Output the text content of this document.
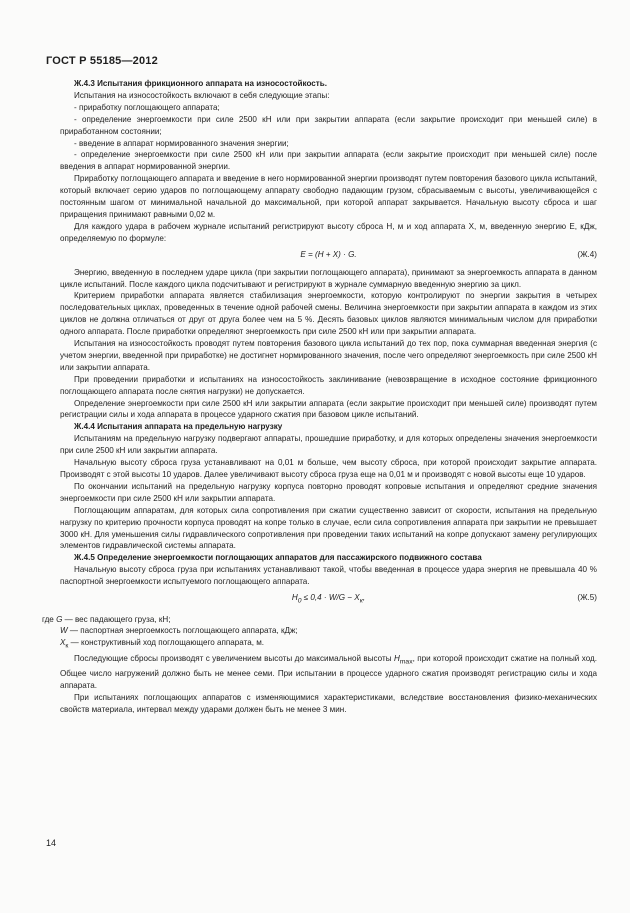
ГОСТ Р 55185—2012

Ж.4.3 Испытания фрикционного аппарата на износостойкость.

Испытания на износостойкость включают в себя следующие этапы:

- приработку поглощающего аппарата;

- определение энергоемкости при силе 2500 кН или при закрытии аппарата (если закрытие происходит при меньшей силе) в приработанном состоянии;

- введение в аппарат нормированного значения энергии;

- определение энергоемкости при силе 2500 кН или при закрытии аппарата (если закрытие происходит при меньшей силе) после введения в аппарат нормированной энергии.

Приработку поглощающего аппарата и введение в него нормированной энергии производят путем повторения базового цикла испытаний, который включает серию ударов по поглощающему аппарату свободно падающим грузом, сбрасываемым с высоты, увеличивающейся с постоянным шагом от минимальной начальной до максимальной, при которой аппарат закрывается. Начальную высоту сброса и шаг приращения принимают равными 0,02 м.

Для каждого удара в рабочем журнале испытаний регистрируют высоту сброса H, м и ход аппарата X, м, введенную энергию E, кДж, определяемую по формуле:

E = (H + X) · G.	(Ж.4)

Энергию, введенную в последнем ударе цикла (при закрытии поглощающего аппарата), принимают за энергоемкость аппарата в данном цикле испытаний. После каждого цикла подсчитывают и регистрируют в журнале суммарную введенную энергию за цикл.

Критерием приработки аппарата является стабилизация энергоемкости, которую контролируют по энергии закрытия в четырех последовательных циклах, проведенных в течение одной рабочей смены. Величина энергоемкости при закрытии аппарата в каждом из этих циклов не должна отличаться от друг от друга более чем на 5 %. Десять базовых циклов являются минимальным числом для приработки одного аппарата. После приработки определяют энергоемкость при силе 2500 кН или при закрытии аппарата.

Испытания на износостойкость проводят путем повторения базового цикла испытаний до тех пор, пока суммарная введенная энергия (с учетом энергии, введенной при приработке) не достигнет нормированного значения, после чего определяют энергоемкость при силе 2500 кН или закрытии аппарата.

При проведении приработки и испытаниях на износостойкость заклинивание (невозвращение в исходное состояние фрикционного поглощающего аппарата после снятия нагрузки) не допускается.

Определение энергоемкости при силе 2500 кН или закрытии аппарата (если закрытие происходит при меньшей силе) производят путем регистрации силы и хода аппарата в процессе ударного сжатия при базовом цикле испытаний.

Ж.4.4 Испытания аппарата на предельную нагрузку

Испытаниям на предельную нагрузку подвергают аппараты, прошедшие приработку, и для которых определены значения энергоемкости при силе 2500 кН или закрытии аппарата.

Начальную высоту сброса груза устанавливают на 0,01 м больше, чем высоту сброса, при которой происходит закрытие аппарата. Производят с этой высоты 10 ударов. Далее увеличивают высоту сброса груза еще на 0,01 м и производят с новой высоты еще 10 ударов.

По окончании испытаний на предельную нагрузку корпуса повторно проводят копровые испытания и определяют средние значения энергоемкости при силе 2500 кН или закрытии аппарата.

Поглощающим аппаратам, для которых сила сопротивления при сжатии существенно зависит от скорости, испытания на предельную нагрузку по критерию прочности корпуса проводят на копре только в случае, если сила сопротивления аппарата при закрытии не превышает 3000 кН. Для уменьшения силы гидравлического сопротивления при проведении таких испытаний на копре допускают замену регулирующих элементов гидравлической системы аппарата.

Ж.4.5 Определение энергоемкости поглощающих аппаратов для пассажирского подвижного состава

Начальную высоту сброса груза при испытаниях устанавливают такой, чтобы введенная в процессе удара энергия не превышала 40 % паспортной энергоемкости испытуемого поглощающего аппарата.

$H_0 \le 0,4 \cdot W/G - X_к$,	(Ж.5)

где G — вес падающего груза, кН;

W — паспортная энергоемкость поглощающего аппарата, кДж;

$X_к$ — конструктивный ход поглощающего аппарата, м.

Последующие сбросы производят с увеличением высоты до максимальной высоты $H_{max}$, при которой происходит сжатие на полный ход. Общее число нагружений должно быть не менее семи. При испытании в процессе ударного сжатия производят регистрацию силы и хода аппарата.

При испытаниях поглощающих аппаратов с изменяющимися характеристиками, вследствие восстановления физико-механических свойств материала, интервал между ударами должен быть не менее 3 мин.

14
